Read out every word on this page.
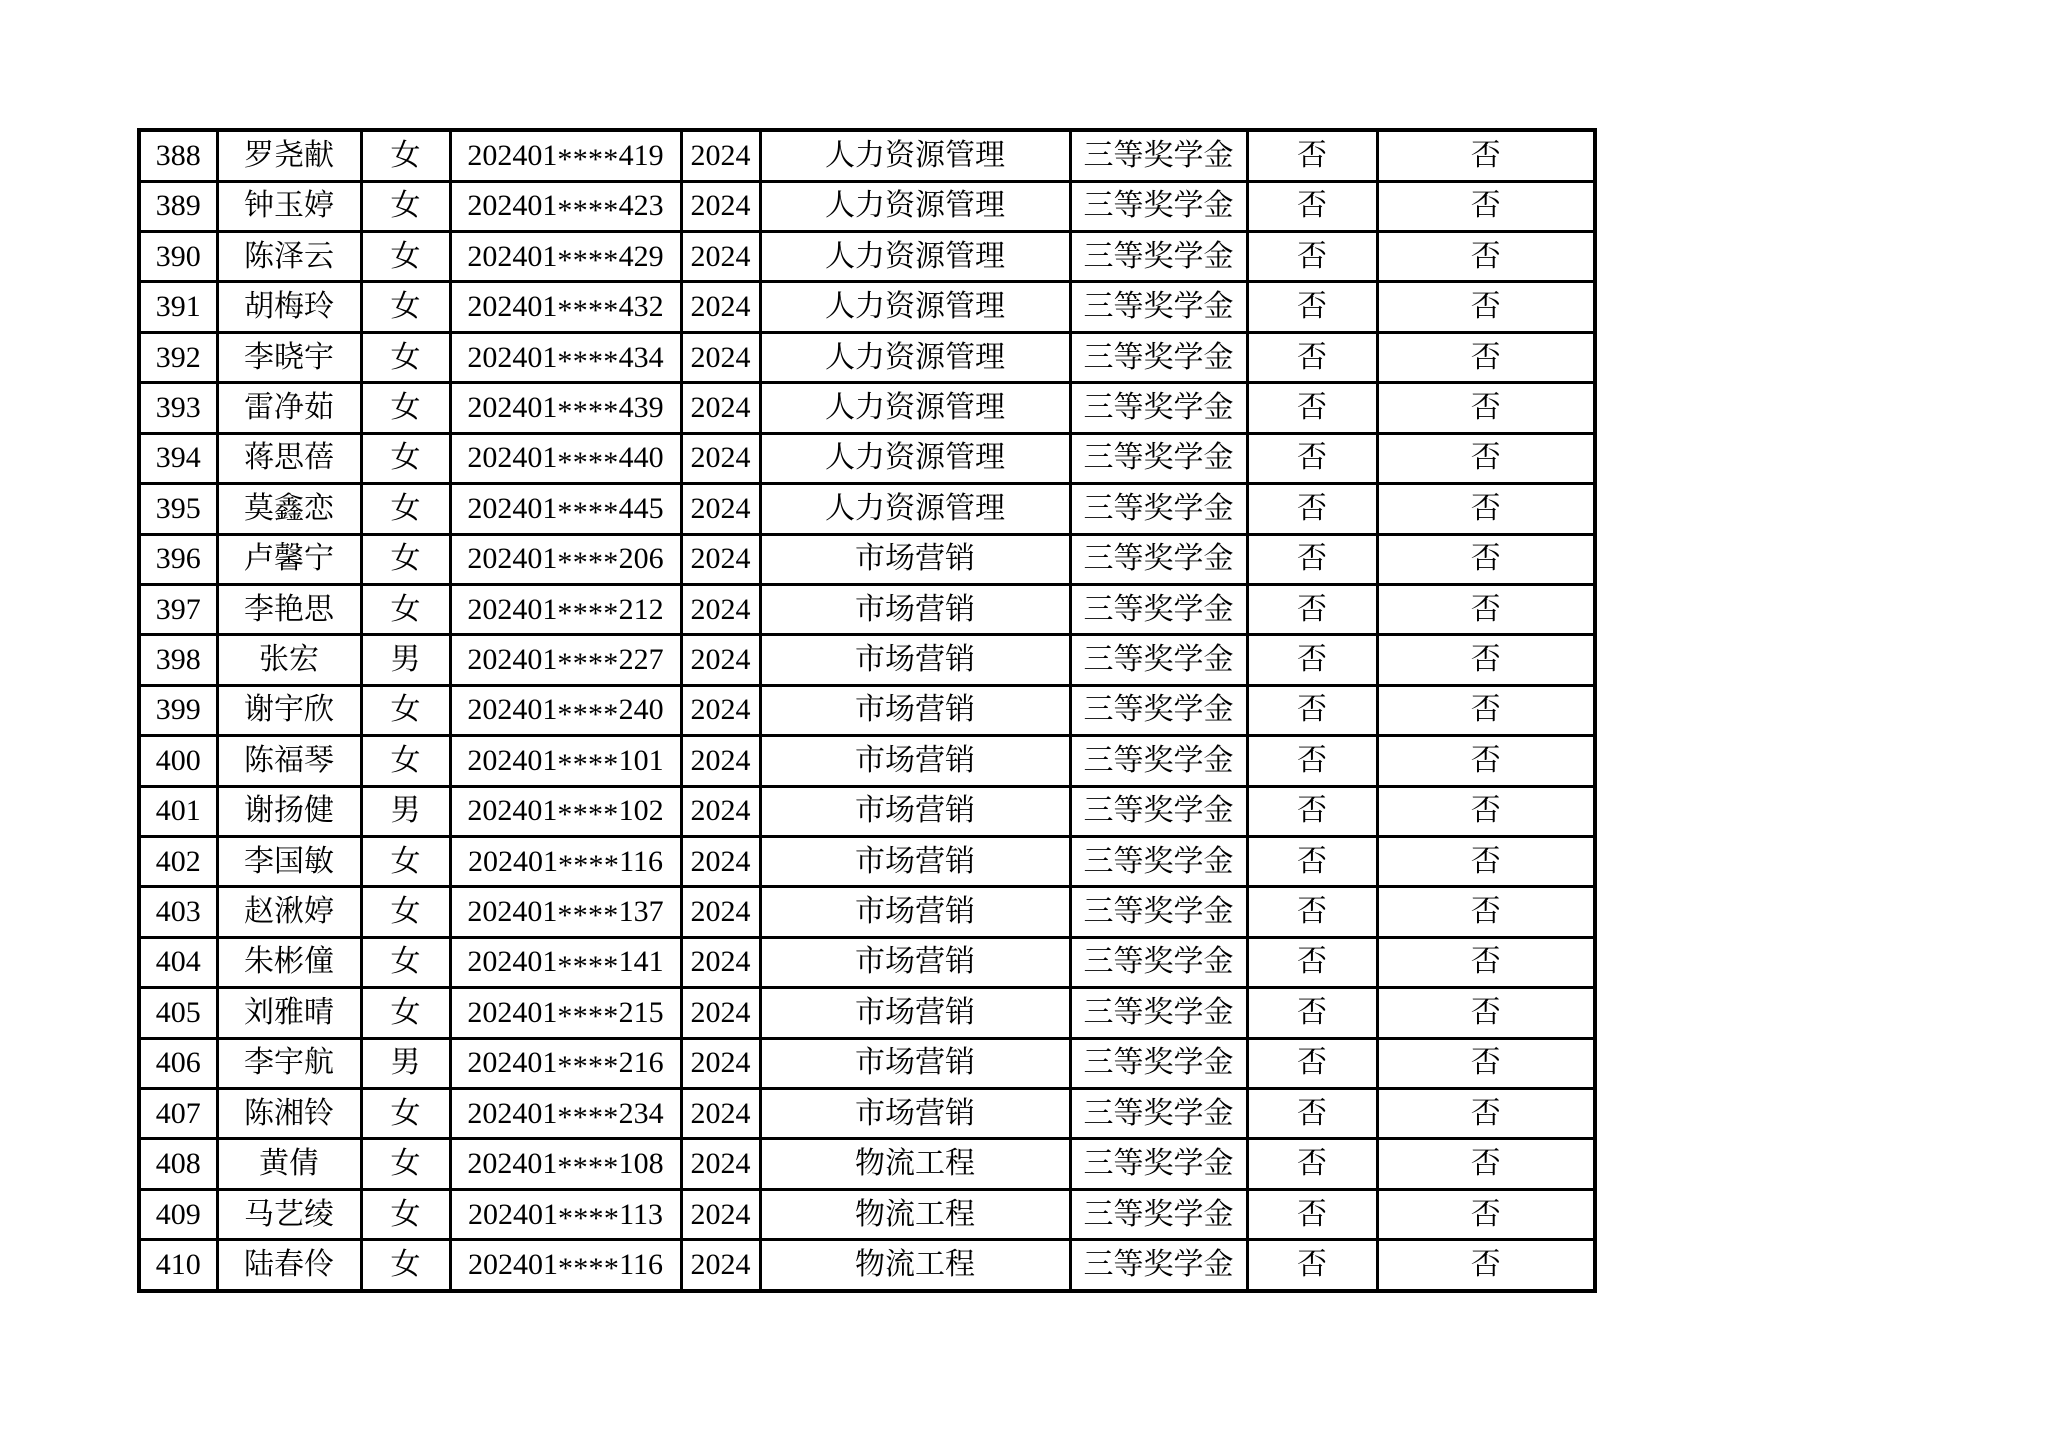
388	罗尧献	女	202401****419	2024	人力资源管理	三等奖学金	否	否
389	钟玉婷	女	202401****423	2024	人力资源管理	三等奖学金	否	否
390	陈泽云	女	202401****429	2024	人力资源管理	三等奖学金	否	否
391	胡梅玲	女	202401****432	2024	人力资源管理	三等奖学金	否	否
392	李晓宇	女	202401****434	2024	人力资源管理	三等奖学金	否	否
393	雷净茹	女	202401****439	2024	人力资源管理	三等奖学金	否	否
394	蒋思蓓	女	202401****440	2024	人力资源管理	三等奖学金	否	否
395	莫鑫恋	女	202401****445	2024	人力资源管理	三等奖学金	否	否
396	卢馨宁	女	202401****206	2024	市场营销	三等奖学金	否	否
397	李艳思	女	202401****212	2024	市场营销	三等奖学金	否	否
398	张宏	男	202401****227	2024	市场营销	三等奖学金	否	否
399	谢宇欣	女	202401****240	2024	市场营销	三等奖学金	否	否
400	陈福琴	女	202401****101	2024	市场营销	三等奖学金	否	否
401	谢扬健	男	202401****102	2024	市场营销	三等奖学金	否	否
402	李国敏	女	202401****116	2024	市场营销	三等奖学金	否	否
403	赵湫婷	女	202401****137	2024	市场营销	三等奖学金	否	否
404	朱彬僮	女	202401****141	2024	市场营销	三等奖学金	否	否
405	刘雅晴	女	202401****215	2024	市场营销	三等奖学金	否	否
406	李宇航	男	202401****216	2024	市场营销	三等奖学金	否	否
407	陈湘铃	女	202401****234	2024	市场营销	三等奖学金	否	否
408	黄倩	女	202401****108	2024	物流工程	三等奖学金	否	否
409	马艺绫	女	202401****113	2024	物流工程	三等奖学金	否	否
410	陆春伶	女	202401****116	2024	物流工程	三等奖学金	否	否
